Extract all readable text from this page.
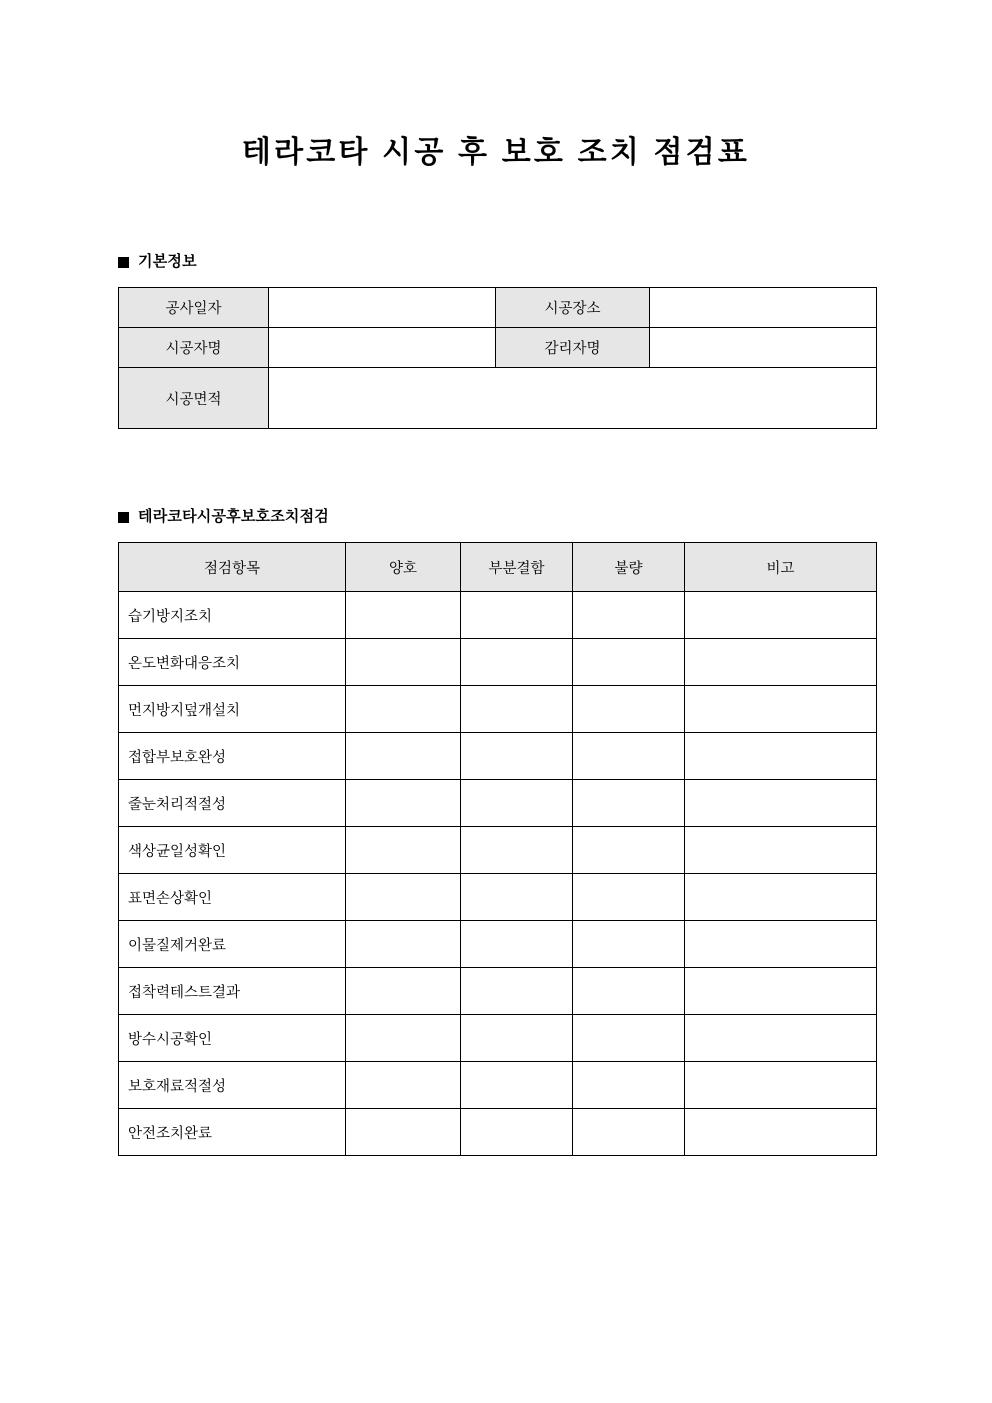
테라코타 시공 후 보호 조치 점검표
기본정보
공사일자		시공장소	
시공자명		감리자명	
시공면적			
테라코타시공후보호조치점검
점검항목	양호	부분결함	불량	비고
습기방지조치				
온도변화대응조치				
먼지방지덮개설치				
접합부보호완성				
줄눈처리적절성				
색상균일성확인				
표면손상확인				
이물질제거완료				
접착력테스트결과				
방수시공확인				
보호재료적절성				
안전조치완료				
